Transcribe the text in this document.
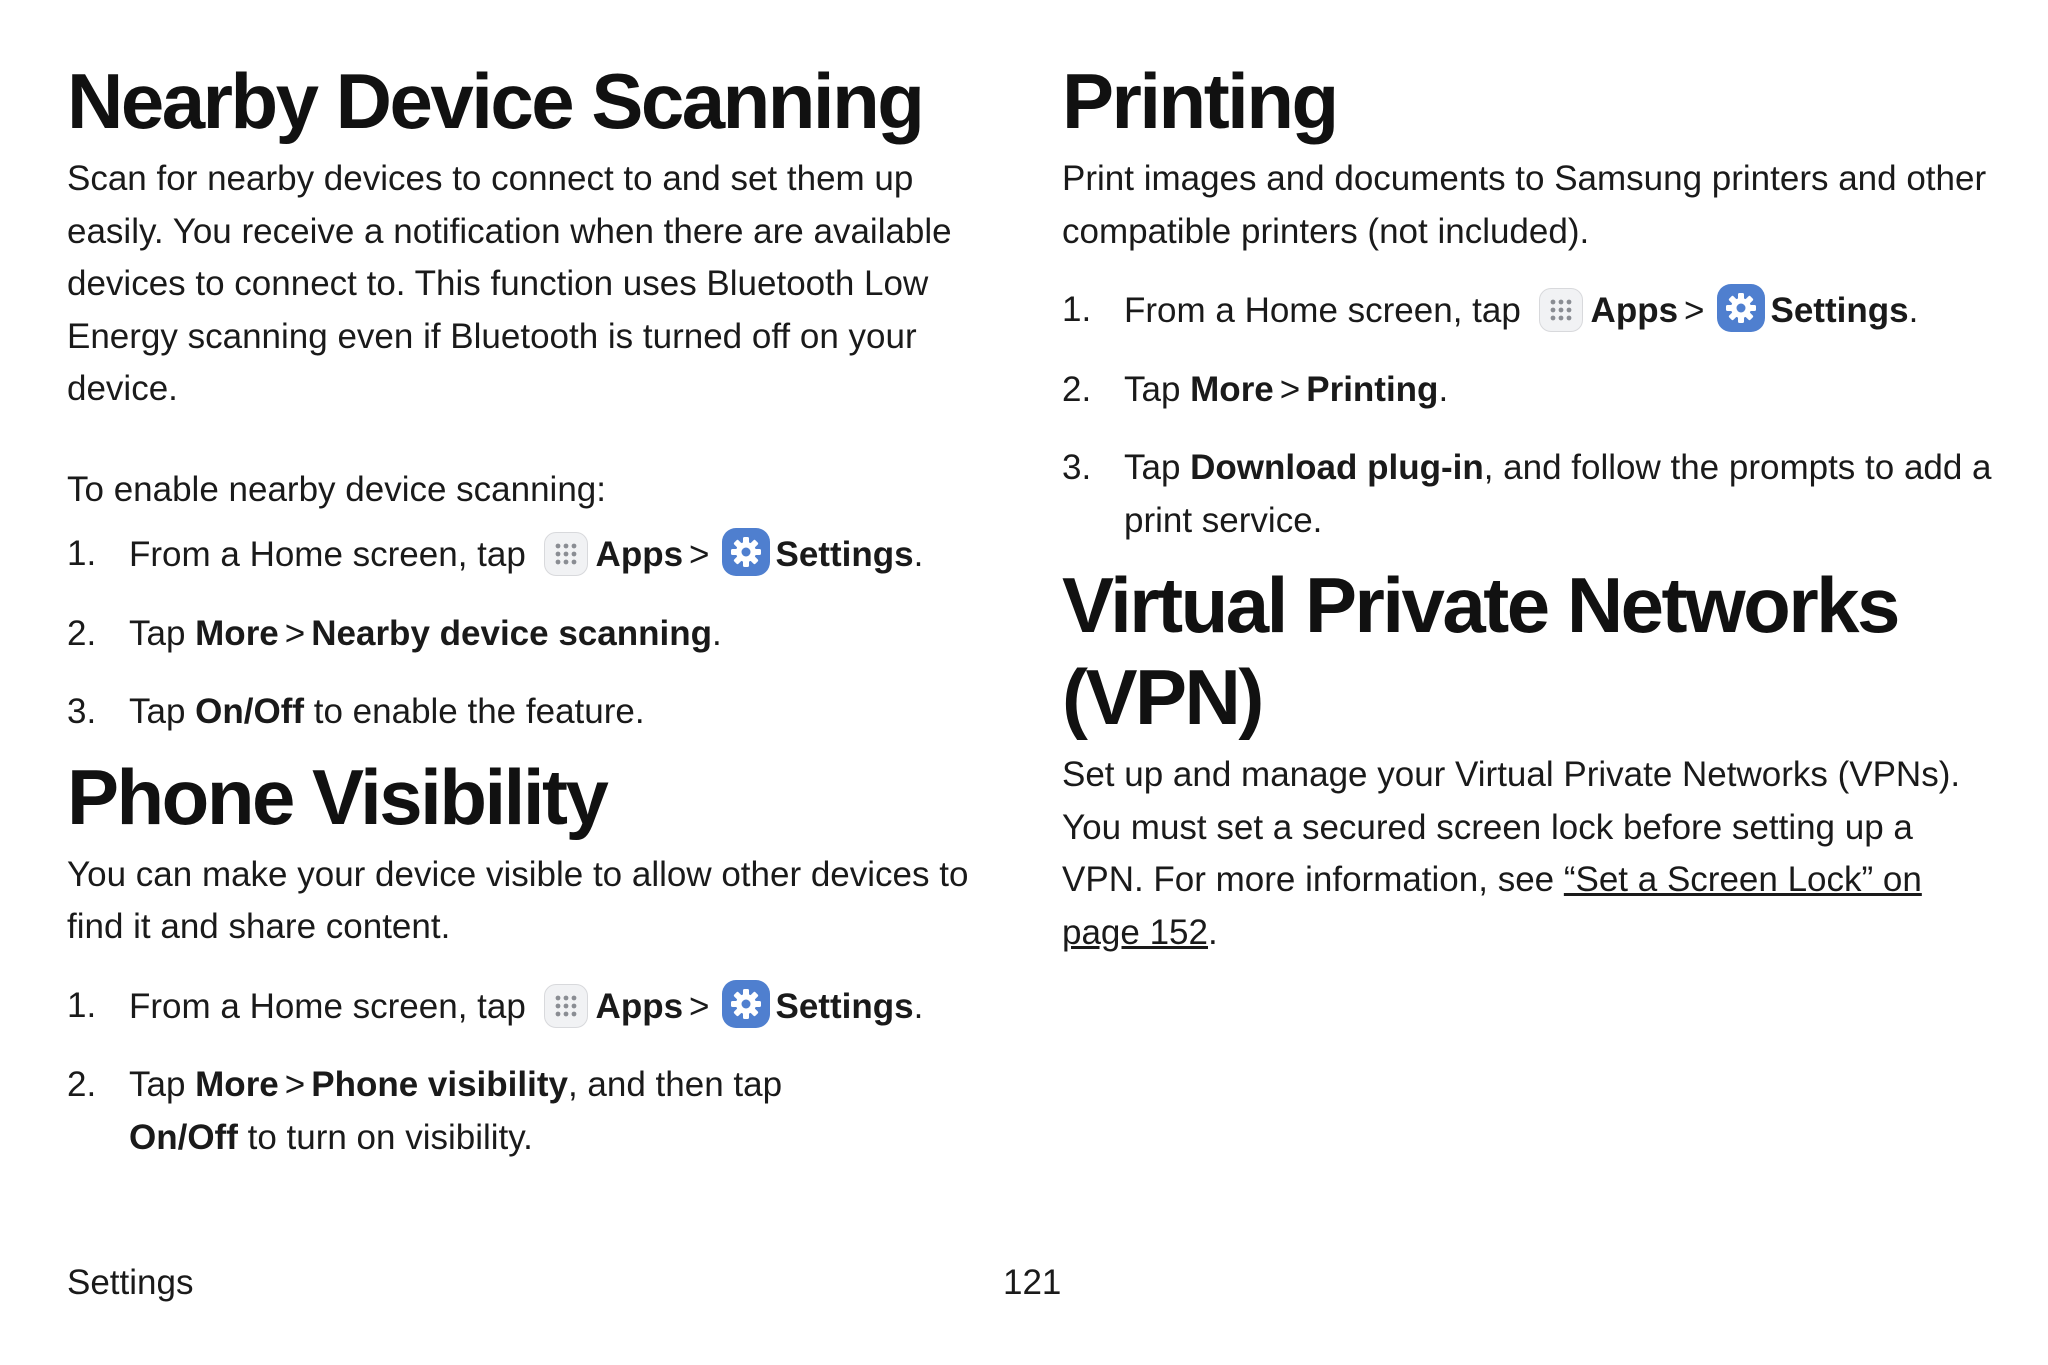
Nearby Device Scanning

Scan for nearby devices to connect to and set them up easily. You receive a notification when there are available devices to connect to. This function uses Bluetooth Low Energy scanning even if Bluetooth is turned off on your device.

To enable nearby device scanning:

1. From a Home screen, tap Apps > Settings.
2. Tap More > Nearby device scanning.
3. Tap On/Off to enable the feature.
Phone Visibility

You can make your device visible to allow other devices to find it and share content.

1. From a Home screen, tap Apps > Settings.
2. Tap More > Phone visibility, and then tap
On/Off to turn on visibility.
Printing

Print images and documents to Samsung printers and other compatible printers (not included).

1. From a Home screen, tap Apps > Settings.
2. Tap More > Printing.
3. Tap Download plug-in, and follow the prompts to add a print service.
Virtual Private Networks (VPN)

Set up and manage your Virtual Private Networks (VPNs). You must set a secured screen lock before setting up a VPN. For more information, see “Set a Screen Lock” on page 152.

Settings	121
